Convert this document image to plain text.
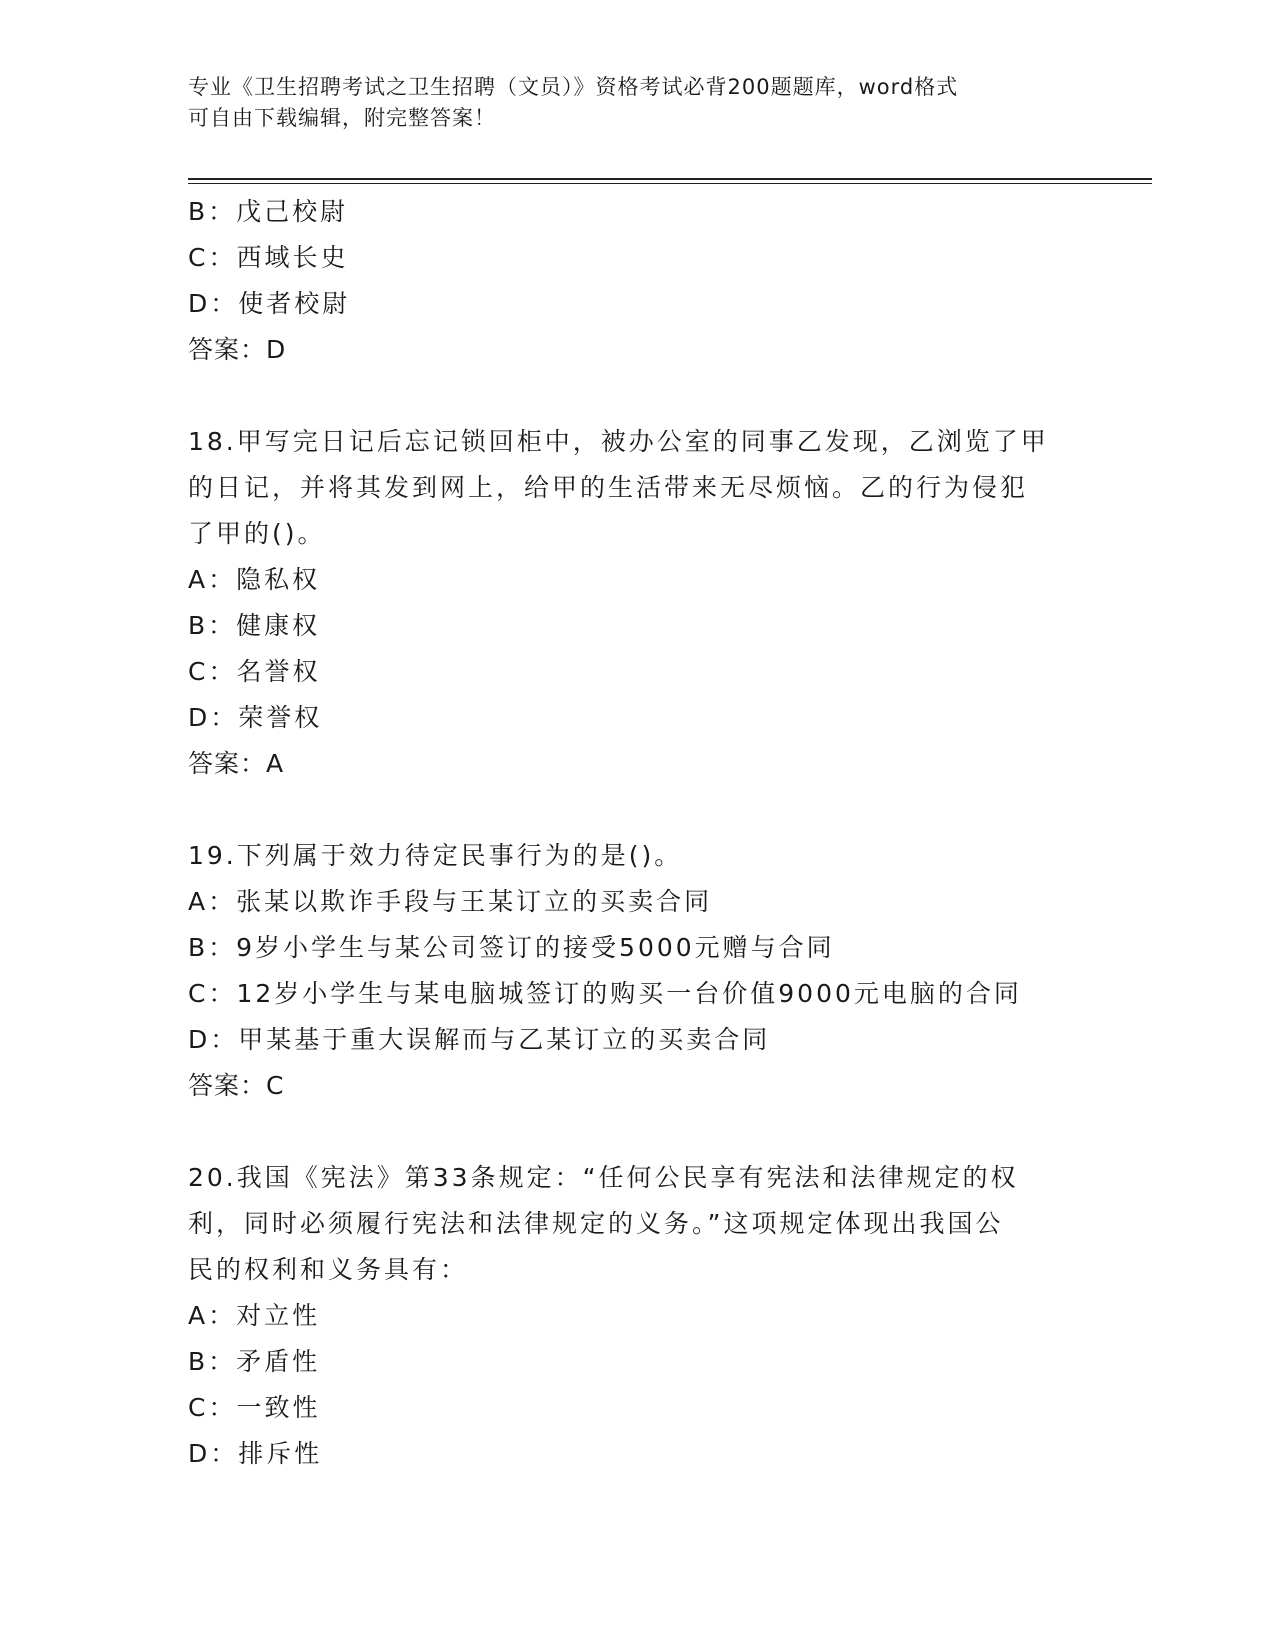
专业《卫生招聘考试之卫生招聘（文员）》资格考试必背200题题库，word格式
可自由下载编辑，附完整答案！
B：戊己校尉
C：西域长史
D：使者校尉
答案：D
18.甲写完日记后忘记锁回柜中，被办公室的同事乙发现，乙浏览了甲
的日记，并将其发到网上，给甲的生活带来无尽烦恼。乙的行为侵犯
了甲的()。
A：隐私权
B：健康权
C：名誉权
D：荣誉权
答案：A
19.下列属于效力待定民事行为的是()。
A：张某以欺诈手段与王某订立的买卖合同
B：9岁小学生与某公司签订的接受5000元赠与合同
C：12岁小学生与某电脑城签订的购买一台价值9000元电脑的合同
D：甲某基于重大误解而与乙某订立的买卖合同
答案：C
20.我国《宪法》第33条规定：“任何公民享有宪法和法律规定的权
利，同时必须履行宪法和法律规定的义务。”这项规定体现出我国公
民的权利和义务具有：
A：对立性
B：矛盾性
C：一致性
D：排斥性
